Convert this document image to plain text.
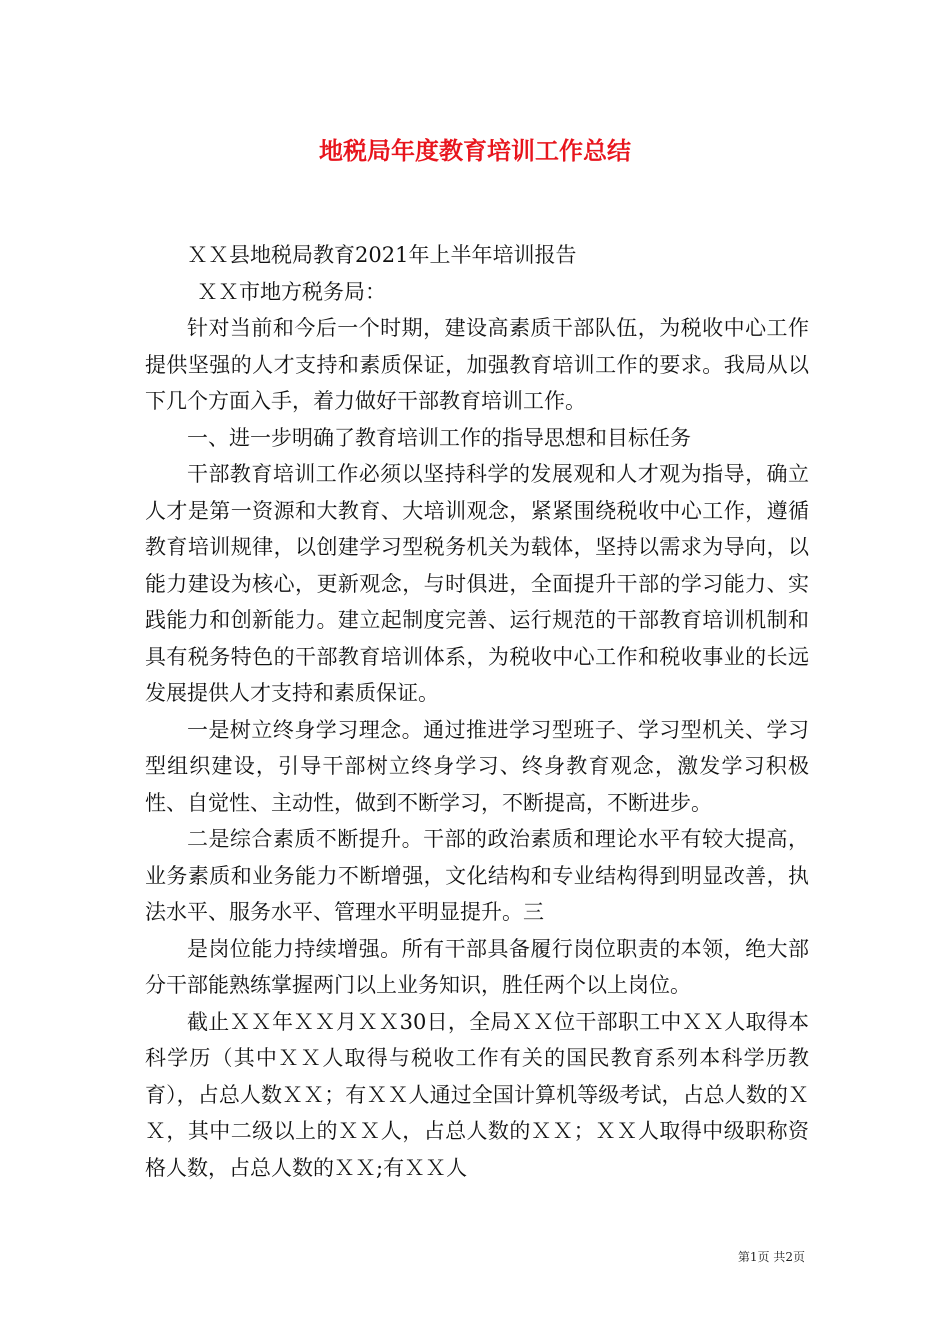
地税局年度教育培训工作总结

ＸＸ县地税局教育2021年上半年培训报告

ＸＸ市地方税务局：

针对当前和今后一个时期，建设高素质干部队伍，为税收中心工作提供坚强的人才支持和素质保证，加强教育培训工作的要求。我局从以下几个方面入手，着力做好干部教育培训工作。

一、进一步明确了教育培训工作的指导思想和目标任务

干部教育培训工作必须以坚持科学的发展观和人才观为指导，确立人才是第一资源和大教育、大培训观念，紧紧围绕税收中心工作，遵循教育培训规律，以创建学习型税务机关为载体，坚持以需求为导向，以能力建设为核心，更新观念，与时俱进，全面提升干部的学习能力、实践能力和创新能力。建立起制度完善、运行规范的干部教育培训机制和具有税务特色的干部教育培训体系，为税收中心工作和税收事业的长远发展提供人才支持和素质保证。

一是树立终身学习理念。通过推进学习型班子、学习型机关、学习型组织建设，引导干部树立终身学习、终身教育观念，激发学习积极性、自觉性、主动性，做到不断学习，不断提高，不断进步。

二是综合素质不断提升。干部的政治素质和理论水平有较大提高，业务素质和业务能力不断增强，文化结构和专业结构得到明显改善，执法水平、服务水平、管理水平明显提升。三

是岗位能力持续增强。所有干部具备履行岗位职责的本领，绝大部分干部能熟练掌握两门以上业务知识，胜任两个以上岗位。

截止ＸＸ年ＸＸ月ＸＸ30日，全局ＸＸ位干部职工中ＸＸ人取得本科学历（其中ＸＸ人取得与税收工作有关的国民教育系列本科学历教育），占总人数ＸＸ；有ＸＸ人通过全国计算机等级考试，占总人数的ＸＸ，其中二级以上的ＸＸ人，占总人数的ＸＸ；ＸＸ人取得中级职称资格人数，占总人数的ＸＸ;有ＸＸ人

第1页 共2页
